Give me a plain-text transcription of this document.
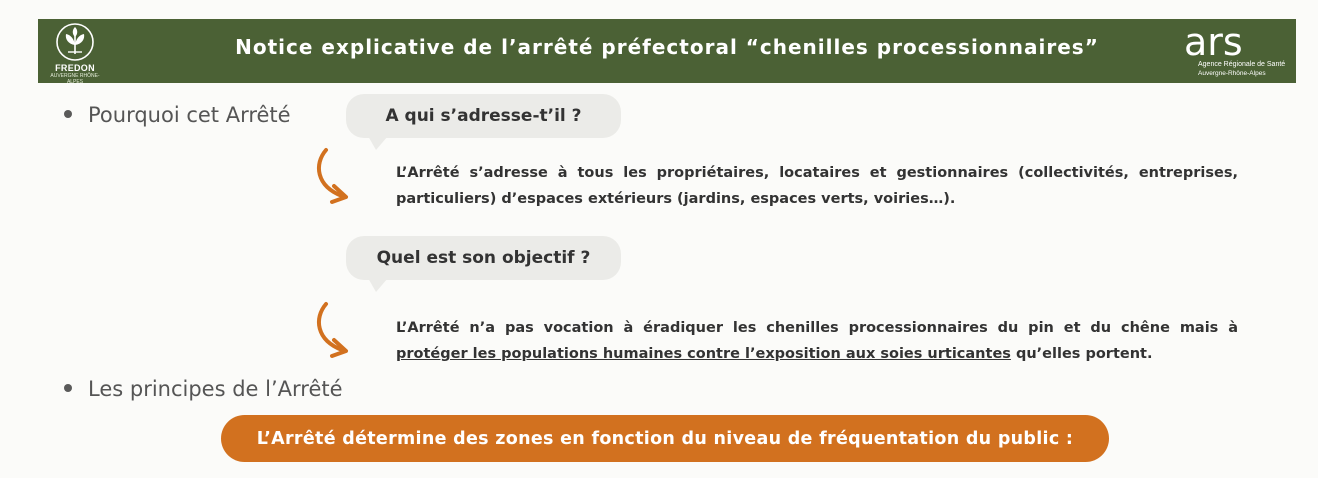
FREDON
AUVERGNE RHÔNE-ALPES
Notice explicative de l’arrêté préfectoral “chenilles processionnaires”	ars
Agence Régionale de Santé
Auvergne-Rhône-Alpes
Pourquoi cet Arrêté	A qui s’adresse-t’il ?
L’Arrêté s’adresse à tous les propriétaires, locataires et gestionnaires (collectivités, entreprises, particuliers) d’espaces extérieurs (jardins, espaces verts, voiries…).
Quel est son objectif ?
L’Arrêté n’a pas vocation à éradiquer les chenilles processionnaires du pin et du chêne mais à protéger les populations humaines contre l’exposition aux soies urticantes qu’elles portent.
Les principes de l’Arrêté
L’Arrêté détermine des zones en fonction du niveau de fréquentation du public :
